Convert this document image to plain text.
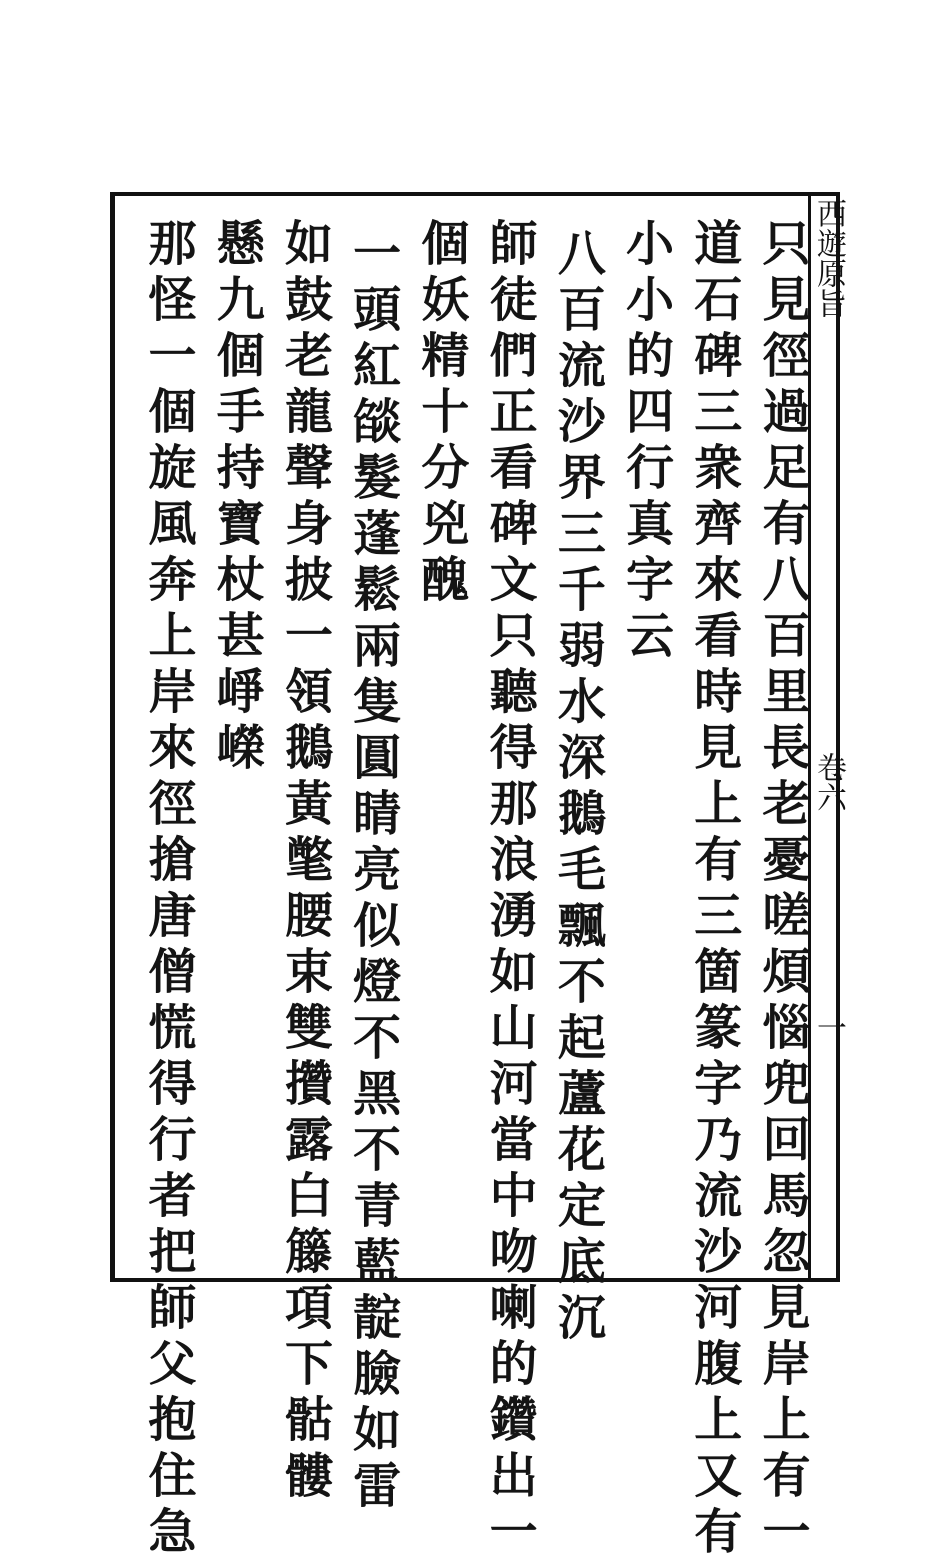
西遊原旨
卷六
一
只見徑過足有八百里長老憂嗟煩惱兜回馬忽見岸上有一
道石碑三衆齊來看時見上有三箇篆字乃流沙河腹上又有
小小的四行真字云
八百流沙界三千弱水深鵝毛飄不起蘆花定底沉
師徒們正看碑文只聽得那浪湧如山河當中吻喇的鑽出一
個妖精十分兇醜
一頭紅燄髮蓬鬆兩隻圓睛亮似燈不黑不青藍靛臉如雷
如鼓老龍聲身披一領鵝黃氅腰束雙攢露白籐項下骷髏
懸九個手持寶杖甚崢嶸
那怪一個旋風奔上岸來徑搶唐僧慌得行者把師父抱住急
